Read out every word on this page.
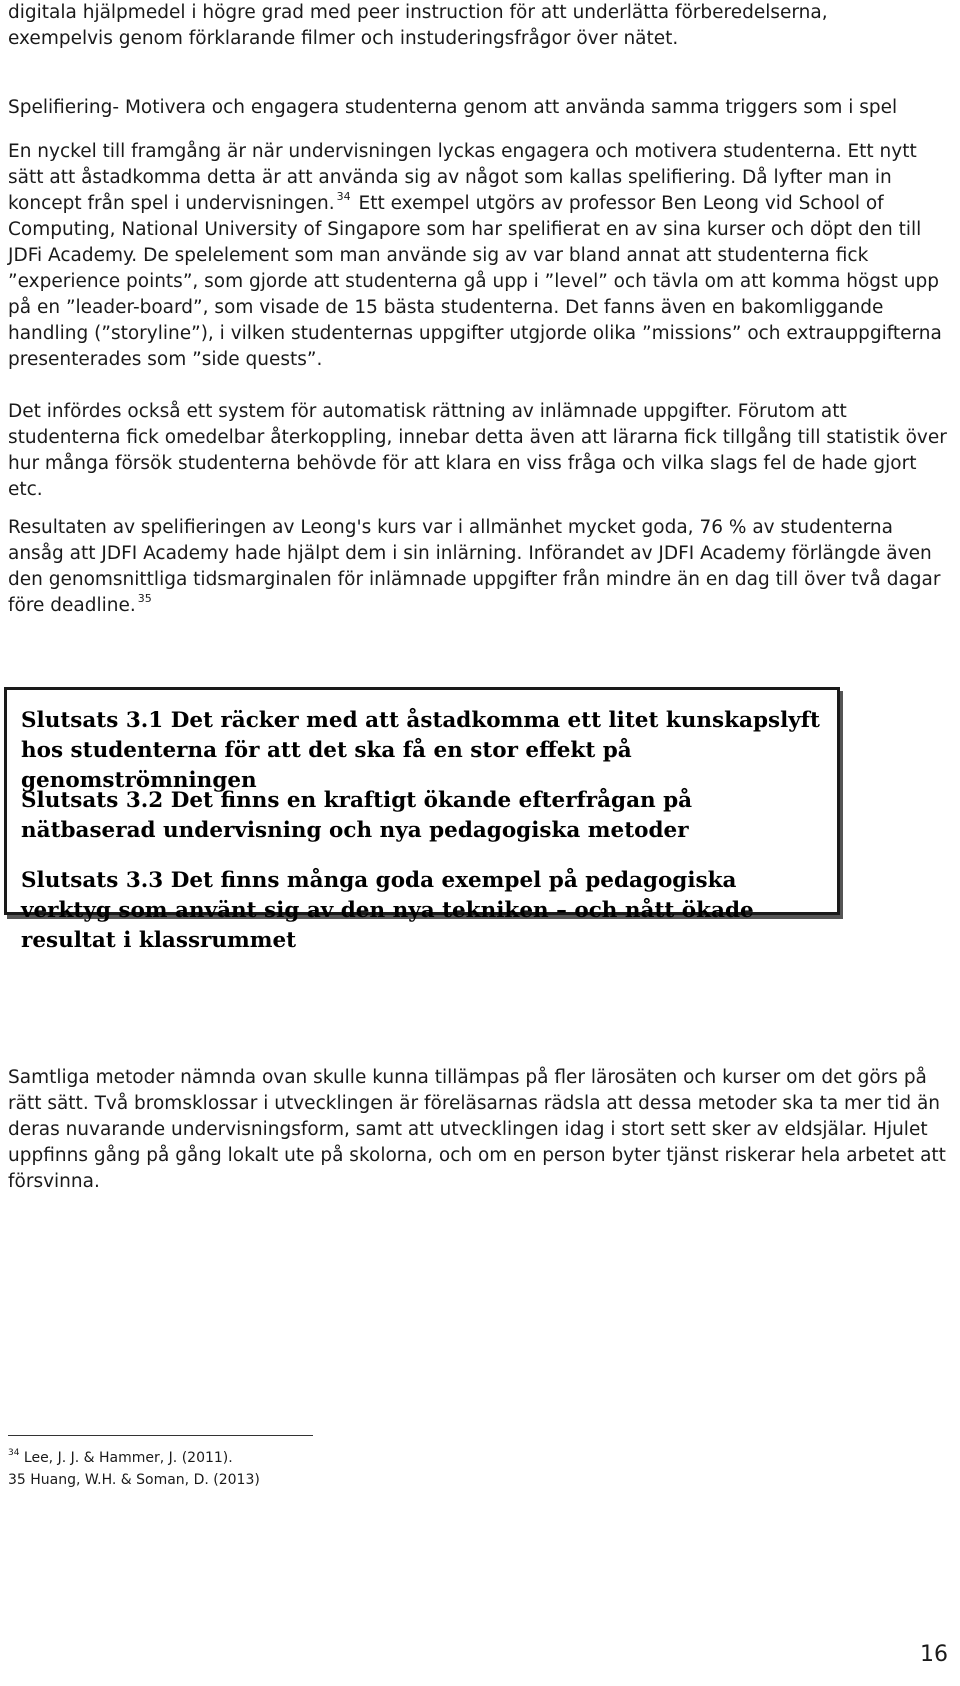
digitala hjälpmedel i högre grad med peer instruction för att underlätta förberedelserna,
exempelvis genom förklarande filmer och instuderingsfrågor över nätet.

Spelifiering- Motivera och engagera studenterna genom att använda samma triggers som i spel

En nyckel till framgång är när undervisningen lyckas engagera och motivera studenterna. Ett nytt sätt att åstadkomma detta är att använda sig av något som kallas spelifiering. Då lyfter man in koncept från spel i undervisningen. $^{34}$ Ett exempel utgörs av professor Ben Leong vid School of Computing, National University of Singapore som har spelifierat en av sina kurser och döpt den till JDFi Academy. De spelelement som man använde sig av var bland annat att studenterna fick ”experience points”, som gjorde att studenterna gå upp i ”level” och tävla om att komma högst upp på en ”leader-board”, som visade de 15 bästa studenterna. Det fanns även en bakomliggande handling (”storyline”), i vilken studenternas uppgifter utgjorde olika ”missions” och extrauppgifterna presenterades som ”side quests”.

Det infördes också ett system för automatisk rättning av inlämnade uppgifter. Förutom att studenterna fick omedelbar återkoppling, innebar detta även att lärarna fick tillgång till statistik över hur många försök studenterna behövde för att klara en viss fråga och vilka slags fel de hade gjort etc.

Resultaten av spelifieringen av Leong's kurs var i allmänhet mycket goda, 76 % av studenterna ansåg att JDFI Academy hade hjälpt dem i sin inlärning. Införandet av JDFI Academy förlängde även den genomsnittliga tidsmarginalen för inlämnade uppgifter från mindre än en dag till över två dagar före deadline. $^{35}$

Slutsats 3.1 Det räcker med att åstadkomma ett litet kunskapslyft hos studenterna för att det ska få en stor effekt på genomströmningen

Slutsats 3.2 Det finns en kraftigt ökande efterfrågan på nätbaserad undervisning och nya pedagogiska metoder

Slutsats 3.3 Det finns många goda exempel på pedagogiska verktyg som använt sig av den nya tekniken – och nått ökade resultat i klassrummet

Samtliga metoder nämnda ovan skulle kunna tillämpas på fler lärosäten och kurser om det görs på rätt sätt. Två bromsklossar i utvecklingen är föreläsarnas rädsla att dessa metoder ska ta mer tid än deras nuvarande undervisningsform, samt att utvecklingen idag i stort sett sker av eldsjälar. Hjulet uppfinns gång på gång lokalt ute på skolorna, och om en person byter tjänst riskerar hela arbetet att försvinna.

$^{34}$ Lee, J. J. & Hammer, J. (2011).

35 Huang, W.H. & Soman, D. (2013)

16
